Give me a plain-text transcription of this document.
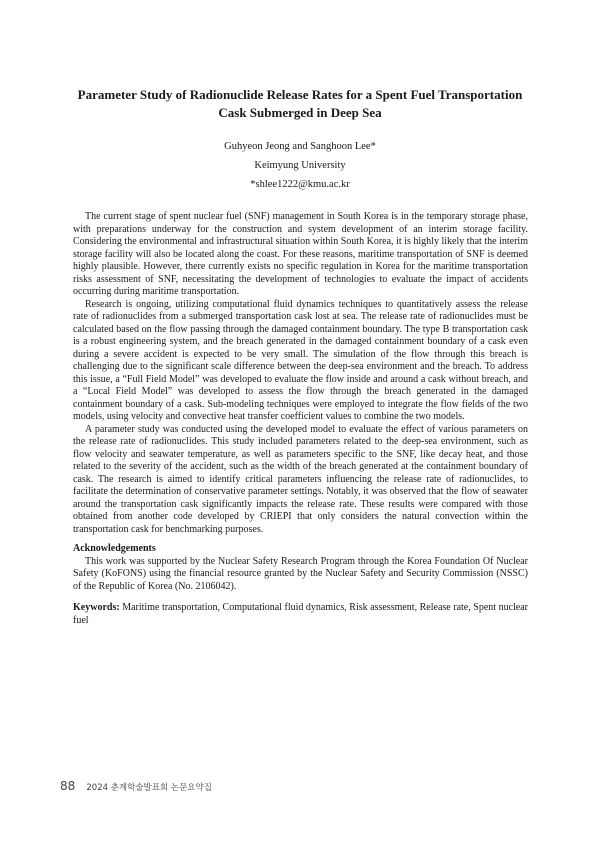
Parameter Study of Radionuclide Release Rates for a Spent Fuel Transportation
Cask Submerged in Deep Sea
Guhyeon Jeong and Sanghoon Lee*
Keimyung University
*shlee1222@kmu.ac.kr

The current stage of spent nuclear fuel (SNF) management in South Korea is in the temporary storage phase, with preparations underway for the construction and system development of an interim storage facility. Considering the environmental and infrastructural situation within South Korea, it is highly likely that the interim storage facility will also be located along the coast. For these reasons, maritime transportation of SNF is deemed highly plausible. However, there currently exists no specific regulation in Korea for the maritime transportation risks assessment of SNF, necessitating the development of technologies to evaluate the impact of accidents occurring during maritime transportation.

Research is ongoing, utilizing computational fluid dynamics techniques to quantitatively assess the release rate of radionuclides from a submerged transportation cask lost at sea. The release rate of radionuclides must be calculated based on the flow passing through the damaged containment boundary. The type B transportation cask is a robust engineering system, and the breach generated in the damaged containment boundary of a cask even during a severe accident is expected to be very small. The simulation of the flow through this breach is challenging due to the significant scale difference between the deep-sea environment and the breach. To address this issue, a “Full Field Model” was developed to evaluate the flow inside and around a cask without breach, and a “Local Field Model” was developed to assess the flow through the breach generated in the damaged containment boundary of a cask. Sub-modeling techniques were employed to integrate the flow fields of the two models, using velocity and convective heat transfer coefficient values to combine the two models.

A parameter study was conducted using the developed model to evaluate the effect of various parameters on the release rate of radionuclides. This study included parameters related to the deep-sea environment, such as flow velocity and seawater temperature, as well as parameters specific to the SNF, like decay heat, and those related to the severity of the accident, such as the width of the breach generated at the containment boundary of cask. The research is aimed to identify critical parameters influencing the release rate of radionuclides, to facilitate the determination of conservative parameter settings. Notably, it was observed that the flow of seawater around the transportation cask significantly impacts the release rate. These results were compared with those obtained from another code developed by CRIEPI that only considers the natural convection within the transportation cask for benchmarking purposes.

Acknowledgements

This work was supported by the Nuclear Safety Research Program through the Korea Foundation Of Nuclear Safety (KoFONS) using the financial resource granted by the Nuclear Safety and Security Commission (NSSC) of the Republic of Korea (No. 2106042).

Keywords: Maritime transportation, Computational fluid dynamics, Risk assessment, Release rate, Spent nuclear fuel

88 2024 춘계학술발표회 논문요약집
